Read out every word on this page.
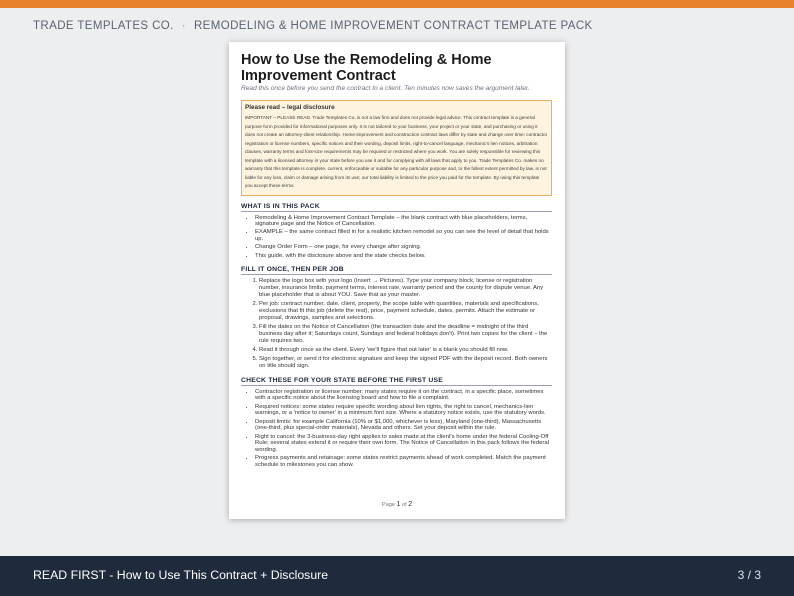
TRADE TEMPLATES CO. · REMODELING & HOME IMPROVEMENT CONTRACT TEMPLATE PACK
How to Use the Remodeling & Home Improvement Contract
Read this once before you send the contract to a client. Ten minutes now saves the argument later.
Please read – legal disclosure
IMPORTANT – PLEASE READ. Trade Templates Co. is not a law firm and does not provide legal advice. This contract template is a general purpose form provided for informational purposes only. It is not tailored to your business, your project or your state, and purchasing or using it does not create an attorney-client relationship. Home-improvement and construction contract laws differ by state and change over time: contractor registration or license numbers, specific notices and their wording, deposit limits, right-to-cancel language, mechanic's lien notices, arbitration clauses, warranty terms and font-size requirements may be required or restricted where you work. You are solely responsible for reviewing this template with a licensed attorney in your state before you use it and for complying with all laws that apply to you. Trade Templates Co. makes no warranty that this template is complete, current, enforceable or suitable for any particular purpose and, to the fullest extent permitted by law, is not liable for any loss, claim or damage arising from its use; our total liability is limited to the price you paid for the template. By using this template you accept these terms.
WHAT IS IN THIS PACK
• Remodeling & Home Improvement Contract Template – the blank contract with blue placeholders, terms, signature page and the Notice of Cancellation.
• EXAMPLE – the same contract filled in for a realistic kitchen remodel so you can see the level of detail that holds up.
• Change Order Form – one page, for every change after signing.
• This guide, with the disclosure above and the state checks below.
FILL IT ONCE, THEN PER JOB
1. Replace the logo box with your logo (Insert → Pictures). Type your company block, license or registration number, insurance limits, payment terms, interest rate, warranty period and the county for dispute venue. Any blue placeholder that is about YOU. Save that as your master.
2. Per job: contract number, date, client, property, the scope table with quantities, materials and specifications, exclusions that fit this job (delete the rest), price, payment schedule, dates, permits. Attach the estimate or proposal, drawings, samples and selections.
3. Fill the dates on the Notice of Cancellation (the transaction date and the deadline = midnight of the third business day after it; Saturdays count, Sundays and federal holidays don't). Print two copies for the client – the rule requires two.
4. Read it through once as the client. Every 'we'll figure that out later' is a blank you should fill now.
5. Sign together, or send it for electronic signature and keep the signed PDF with the deposit record. Both owners on title should sign.
CHECK THESE FOR YOUR STATE BEFORE THE FIRST USE
• Contractor registration or license number: many states require it on the contract, in a specific place, sometimes with a specific notice about the licensing board and how to file a complaint.
• Required notices: some states require specific wording about lien rights, the right to cancel, mechanics-lien warnings, or a 'notice to owner' in a minimum font size. Where a statutory notice exists, use the statutory words.
• Deposit limits: for example California (10% or $1,000, whichever is less), Maryland (one-third), Massachusetts (one-third, plus special-order materials), Nevada and others. Set your deposit within the rule.
• Right to cancel: the 3-business-day right applies to sales made at the client's home under the federal Cooling-Off Rule; several states extend it or require their own form. The Notice of Cancellation in this pack follows the federal wording.
• Progress payments and retainage: some states restrict payments ahead of work completed. Match the payment schedule to milestones you can show.
Page 1 of 2
READ FIRST - How to Use This Contract + Disclosure	3 / 3
